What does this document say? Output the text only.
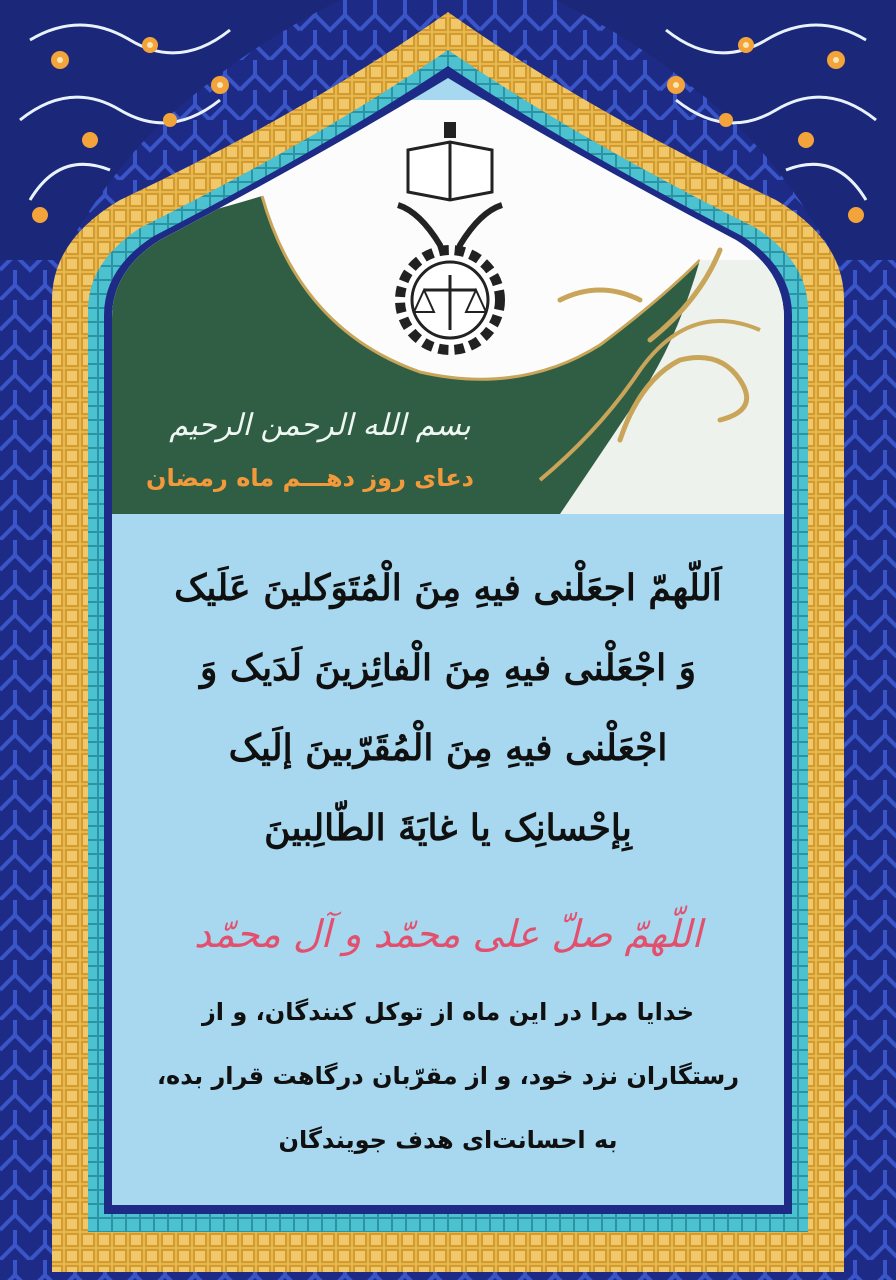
بسم الله الرحمن الرحیم
دعای روز دهـــم ماه رمضان
اَللّهمّ اجعَلْنی فیهِ مِنَ الْمُتَوَکلینَ عَلَیک
وَ اجْعَلْنی فیهِ مِنَ الْفائِزینَ لَدَیک وَ
اجْعَلْنی فیهِ مِنَ الْمُقَرّبینَ إلَیک
بِإحْسانِک یا غایَةَ الطّالِبینَ
اللّهمّ صلّ علی محمّد و آل محمّد
خدایا مرا در این ماه از توکل کنندگان، و از
رستگاران نزد خود، و از مقرّبان درگاهت قرار بده،
به احسانت‌ای هدف جویندگان
